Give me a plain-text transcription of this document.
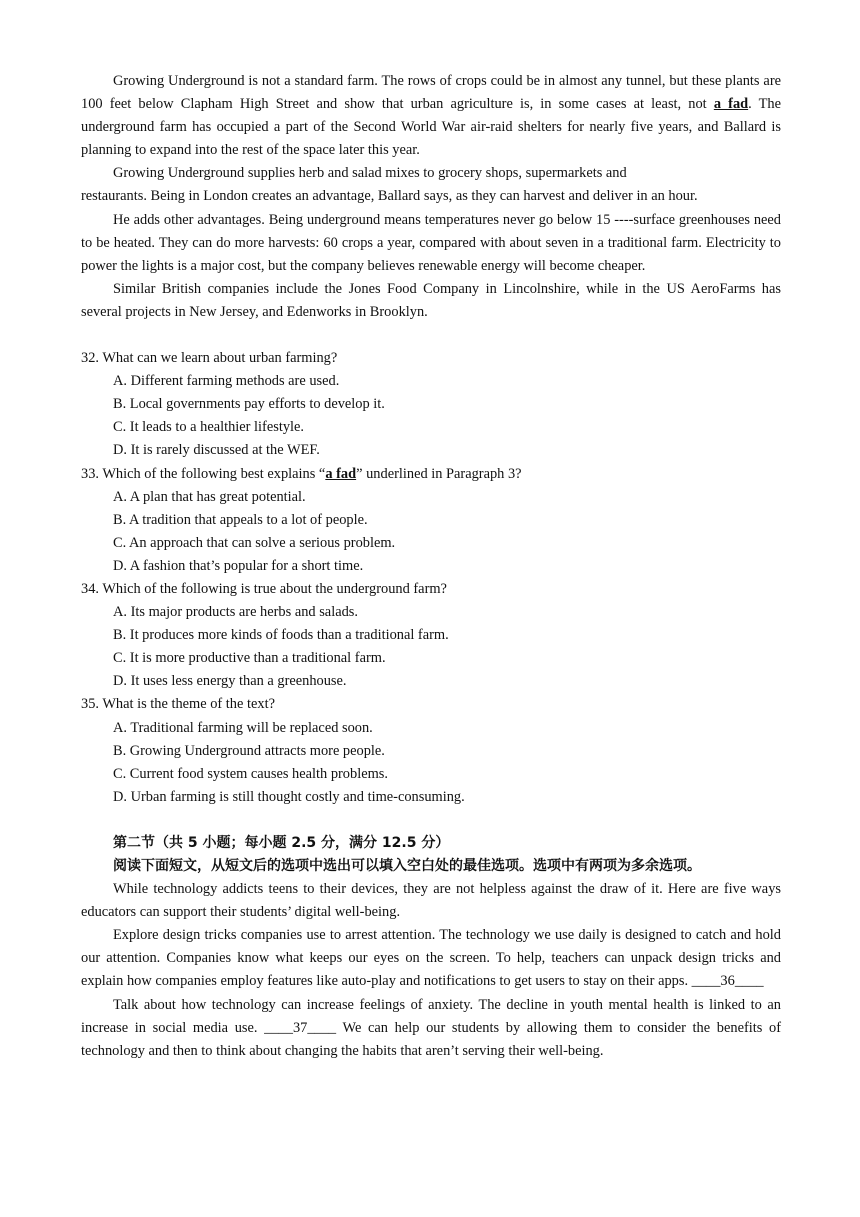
Growing Underground is not a standard farm. The rows of crops could be in almost any tunnel, but these plants are 100 feet below Clapham High Street and show that urban agriculture is, in some cases at least, not a fad. The underground farm has occupied a part of the Second World War air-raid shelters for nearly five years, and Ballard is planning to expand into the rest of the space later this year.

Growing Underground supplies herb and salad mixes to grocery shops, supermarkets and

restaurants. Being in London creates an advantage, Ballard says, as they can harvest and deliver in an hour.

He adds other advantages. Being underground means temperatures never go below 15 ----surface greenhouses need to be heated. They can do more harvests: 60 crops a year, compared with about seven in a traditional farm. Electricity to power the lights is a major cost, but the company believes renewable energy will become cheaper.

Similar British companies include the Jones Food Company in Lincolnshire, while in the US AeroFarms has several projects in New Jersey, and Edenworks in Brooklyn.

32. What can we learn about urban farming?

A. Different farming methods are used.

B. Local governments pay efforts to develop it.

C. It leads to a healthier lifestyle.

D. It is rarely discussed at the WEF.

33. Which of the following best explains “a fad” underlined in Paragraph 3?

A. A plan that has great potential.

B. A tradition that appeals to a lot of people.

C. An approach that can solve a serious problem.

D. A fashion that’s popular for a short time.

34. Which of the following is true about the underground farm?

A. Its major products are herbs and salads.

B. It produces more kinds of foods than a traditional farm.

C. It is more productive than a traditional farm.

D. It uses less energy than a greenhouse.

35. What is the theme of the text?

A. Traditional farming will be replaced soon.

B. Growing Underground attracts more people.

C. Current food system causes health problems.

D. Urban farming is still thought costly and time-consuming.

第二节（共 5 小题；每小题 2.5 分，满分 12.5 分）

阅读下面短文，从短文后的选项中选出可以填入空白处的最佳选项。选项中有两项为多余选项。

While technology addicts teens to their devices, they are not helpless against the draw of it. Here are five ways educators can support their students’ digital well-being.

Explore design tricks companies use to arrest attention. The technology we use daily is designed to catch and hold our attention. Companies know what keeps our eyes on the screen. To help, teachers can unpack design tricks and explain how companies employ features like auto-play and notifications to get users to stay on their apps. ____36____

Talk about how technology can increase feelings of anxiety. The decline in youth mental health is linked to an increase in social media use. ____37____ We can help our students by allowing them to consider the benefits of technology and then to think about changing the habits that aren’t serving their well-being.
